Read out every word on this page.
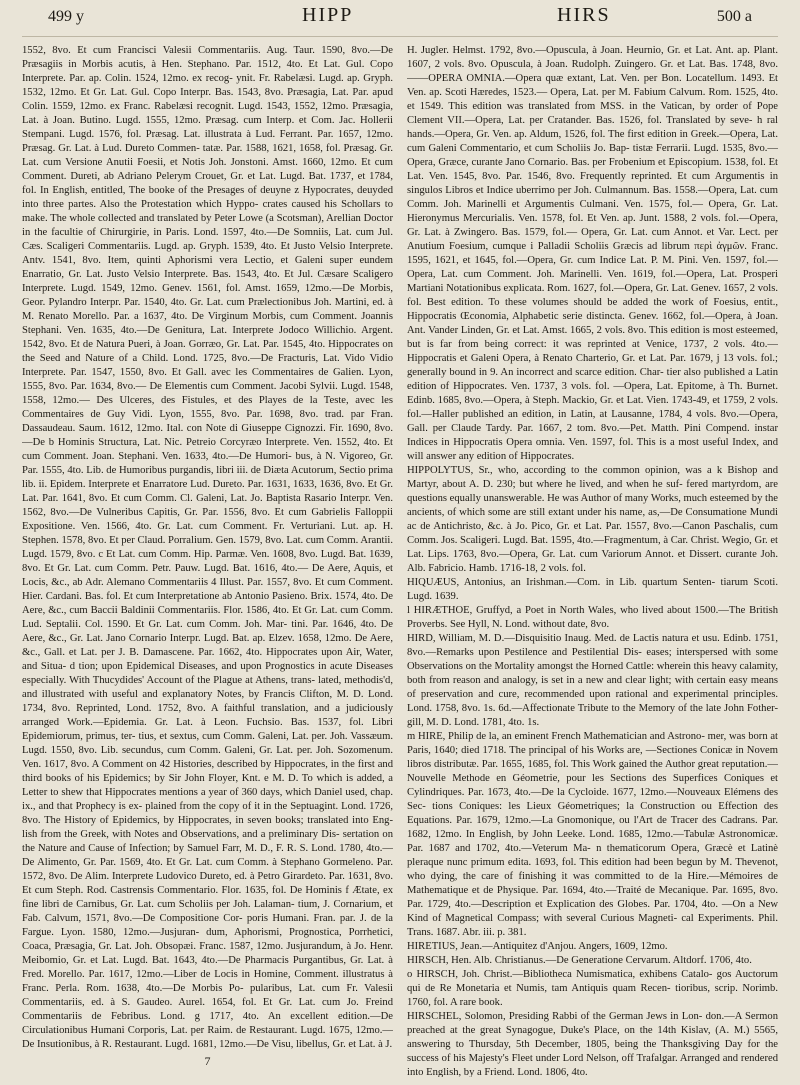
499 y	HIPP	HIRS	500 a

1552, 8vo. Et cum Francisci Valesii Commentariis. Aug. Taur. 1590, 8vo.—De Præsagiis in Morbis acutis, à Hen. Stephano. Par. 1512, 4to. Et Lat. Gul. Copo Interprete. Par. ap. Colin. 1524, 12mo. ex recog- ynit. Fr. Rabelæsi. Lugd. ap. Gryph. 1532, 12mo. Et Gr. Lat. Gul. Copo Interpr. Bas. 1543, 8vo. Præsagia, Lat. Par. apud Colin. 1559, 12mo. ex Franc. Rabelæsi recognit. Lugd. 1543, 1552, 12mo. Præsagia, Lat. à Joan. Butino. Lugd. 1555, 12mo. Præsag. cum Interp. et Com. Jac. Hollerii Stempani. Lugd. 1576, fol. Præsag. Lat. illustrata à Lud. Ferrant. Par. 1657, 12mo. Præsag. Gr. Lat. à Lud. Dureto Commen- tatæ. Par. 1588, 1621, 1658, fol. Præsag. Gr. Lat. cum Versione Anutii Foesii, et Notis Joh. Jonstoni. Amst. 1660, 12mo. Et cum Comment. Dureti, ab Adriano Pelerym Crouet, Gr. et Lat. Lugd. Bat. 1737, et 1784, fol. In English, entitled, The booke of the Presages of deuyne z Hypocrates, deuyded into three partes. Also the Protestation which Hyppo- crates caused his Schollars to make. The whole collected and translated by Peter Lowe (a Scotsman), Arellian Doctor in the facultie of Chirurgirie, in Paris. Lond. 1597, 4to.—De Somniis, Lat. cum Jul. Cæs. Scaligeri Commentariis. Lugd. ap. Gryph. 1539, 4to. Et Justo Velsio Interprete. Antv. 1541, 8vo. Item, quinti Aphorismi vera Lectio, et Galeni super eundem Enarratio, Gr. Lat. Justo Velsio Interprete. Bas. 1543, 4to. Et Jul. Cæsare Scaligero Interprete. Lugd. 1549, 12mo. Genev. 1561, fol. Amst. 1659, 12mo.—De Morbis, Geor. Pylandro Interpr. Par. 1540, 4to. Gr. Lat. cum Prælectionibus Joh. Martini, ed. à M. Renato Morello. Par. a 1637, 4to. De Virginum Morbis, cum Comment. Joannis Stephani. Ven. 1635, 4to.—De Genitura, Lat. Interprete Jodoco Willichio. Argent. 1542, 8vo. Et de Natura Pueri, à Joan. Gorræo, Gr. Lat. Par. 1545, 4to. Hippocrates on the Seed and Nature of a Child. Lond. 1725, 8vo.—De Fracturis, Lat. Vido Vidio Interprete. Par. 1547, 1550, 8vo. Et Gall. avec les Commentaires de Galien. Lyon, 1555, 8vo. Par. 1634, 8vo.— De Elementis cum Comment. Jacobi Sylvii. Lugd. 1548, 1558, 12mo.— Des Ulceres, des Fistules, et des Playes de la Teste, avec les Commentaires de Guy Vidi. Lyon, 1555, 8vo. Par. 1698, 8vo. trad. par Fran. Dassaudeau. Saum. 1612, 12mo. Ital. con Note di Giuseppe Cignozzi. Fir. 1690, 8vo.—De b Hominis Structura, Lat. Nic. Petreio Corcyræo Interprete. Ven. 1552, 4to. Et cum Comment. Joan. Stephani. Ven. 1633, 4to.—De Humori- bus, à N. Vigoreo, Gr. Par. 1555, 4to. Lib. de Humoribus purgandis, libri iii. de Diæta Acutorum, Sectio prima lib. ii. Epidem. Interprete et Enarratore Lud. Dureto. Par. 1631, 1633, 1636, 8vo. Et Gr. Lat. Par. 1641, 8vo. Et cum Comm. Cl. Galeni, Lat. Jo. Baptista Rasario Interpr. Ven. 1562, 8vo.—De Vulneribus Capitis, Gr. Par. 1556, 8vo. Et cum Gabrielis Falloppii Expositione. Ven. 1566, 4to. Gr. Lat. cum Comment. Fr. Verturiani. Lut. ap. H. Stephen. 1578, 8vo. Et per Claud. Porralium. Gen. 1579, 8vo. Lat. cum Comm. Arantii. Lugd. 1579, 8vo. c Et Lat. cum Comm. Hip. Parmæ. Ven. 1608, 8vo. Lugd. Bat. 1639, 8vo. Et Gr. Lat. cum Comm. Petr. Pauw. Lugd. Bat. 1616, 4to.— De Aere, Aquis, et Locis, &c., ab Adr. Alemano Commentariis 4 Illust. Par. 1557, 8vo. Et cum Comment. Hier. Cardani. Bas. fol. Et cum Interpretatione ab Antonio Pasieno. Brix. 1574, 4to. De Aere, &c., cum Baccii Baldinii Commentariis. Flor. 1586, 4to. Et Gr. Lat. cum Comm. Lud. Septalii. Col. 1590. Et Gr. Lat. cum Comm. Joh. Mar- tini. Par. 1646, 4to. De Aere, &c., Gr. Lat. Jano Cornario Interpr. Lugd. Bat. ap. Elzev. 1658, 12mo. De Aere, &c., Gall. et Lat. per J. B. Damascene. Par. 1662, 4to. Hippocrates upon Air, Water, and Situa- d tion; upon Epidemical Diseases, and upon Prognostics in acute Diseases especially. With Thucydides' Account of the Plague at Athens, trans- lated, methodis'd, and illustrated with useful and explanatory Notes, by Francis Clifton, M. D. Lond. 1734, 8vo. Reprinted, Lond. 1752, 8vo. A faithful translation, and a judiciously arranged Work.—Epidemia. Gr. Lat. à Leon. Fuchsio. Bas. 1537, fol. Libri Epidemiorum, primus, ter- tius, et sextus, cum Comm. Galeni, Lat. per. Joh. Vassæum. Lugd. 1550, 8vo. Lib. secundus, cum Comm. Galeni, Gr. Lat. per. Joh. Sozomenum. Ven. 1617, 8vo. A Comment on 42 Histories, described by Hippocrates, in the first and third books of his Epidemics; by Sir John Floyer, Knt. e M. D. To which is added, a Letter to shew that Hippocrates mentions a year of 360 days, which Daniel used, chap. ix., and that Prophecy is ex- plained from the copy of it in the Septuagint. Lond. 1726, 8vo. The History of Epidemics, by Hippocrates, in seven books; translated into Eng- lish from the Greek, with Notes and Observations, and a preliminary Dis- sertation on the Nature and Cause of Infection; by Samuel Farr, M. D., F. R. S. Lond. 1780, 4to.—De Alimento, Gr. Par. 1569, 4to. Et Gr. Lat. cum Comm. à Stephano Gormeleno. Par. 1572, 8vo. De Alim. Interprete Ludovico Dureto, ed. à Petro Girardeto. Par. 1631, 8vo. Et cum Steph. Rod. Castrensis Commentario. Flor. 1635, fol. De Hominis f Ætate, ex fine libri de Carnibus, Gr. Lat. cum Scholiis per Joh. Lalaman- tium, J. Cornarium, et Fab. Calvum, 1571, 8vo.—De Compositione Cor- poris Humani. Fran. par. J. de la Fargue. Lyon. 1580, 12mo.—Jusjuran- dum, Aphorismi, Prognostica, Porrhetici, Coaca, Præsagia, Gr. Lat. Joh. Obsopæi. Franc. 1587, 12mo. Jusjurandum, à Jo. Henr. Meibomio, Gr. et Lat. Lugd. Bat. 1643, 4to.—De Pharmacis Purgantibus, Gr. Lat. à Fred. Morello. Par. 1617, 12mo.—Liber de Locis in Homine, Comment. illustratus à Franc. Perla. Rom. 1638, 4to.—De Morbis Po- pularibus, Lat. cum Fr. Valesii Commentariis, ed. à S. Gaudeo. Aurel. 1654, fol. Et Gr. Lat. cum Jo. Freind Commentariis de Febribus. Lond. g 1717, 4to. An excellent edition.—De Circulationibus Humani Corporis, Lat. per Raim. de Restaurant. Lugd. 1675, 12mo.—De Insutionibus, à R. Restaurant. Lugd. 1681, 12mo.—De Visu, libellus, Gr. et Lat. à J.

7

H. Jugler. Helmst. 1792, 8vo.—Opuscula, à Joan. Heurnio, Gr. et Lat. Ant. ap. Plant. 1607, 2 vols. 8vo. Opuscula, à Joan. Rudolph. Zuingero. Gr. et Lat. Bas. 1748, 8vo.——OPERA OMNIA.—Opera quæ extant, Lat. Ven. per Bon. Locatellum. 1493. Et Ven. ap. Scoti Hæredes, 1523.— Opera, Lat. per M. Fabium Calvum. Rom. 1525, 4to. et 1549. This edition was translated from MSS. in the Vatican, by order of Pope Clement VII.—Opera, Lat. per Cratander. Bas. 1526, fol. Translated by seve- h ral hands.—Opera, Gr. Ven. ap. Aldum, 1526, fol. The first edition in Greek.—Opera, Lat. cum Galeni Commentario, et cum Scholiis Jo. Bap- tistæ Ferrarii. Lugd. 1535, 8vo.—Opera, Græce, curante Jano Cornario. Bas. per Frobenium et Episcopium. 1538, fol. Et Lat. Ven. 1545, 8vo. Par. 1546, 8vo. Frequently reprinted. Et cum Argumentis in singulos Libros et Indice uberrimo per Joh. Culmannum. Bas. 1558.—Opera, Lat. cum Comm. Joh. Marinelli et Argumentis Culmani. Ven. 1575, fol.— Opera, Gr. Lat. Hieronymus Mercurialis. Ven. 1578, fol. Et Ven. ap. Junt. 1588, 2 vols. fol.—Opera, Gr. Lat. à Zwingero. Bas. 1579, fol.— Opera, Gr. Lat. cum Annot. et Var. Lect. per Anutium Foesium, cumque i Palladii Scholiis Græcis ad librum περὶ ἀγμῶν. Franc. 1595, 1621, et 1645, fol.—Opera, Gr. cum Indice Lat. P. M. Pini. Ven. 1597, fol.— Opera, Lat. cum Comment. Joh. Marinelli. Ven. 1619, fol.—Opera, Lat. Prosperi Martiani Notationibus explicata. Rom. 1627, fol.—Opera, Gr. Lat. Genev. 1657, 2 vols. fol. Best edition. To these volumes should be added the work of Foesius, entit., Hippocratis Œconomia, Alphabetic serie distincta. Genev. 1662, fol.—Opera, à Joan. Ant. Vander Linden, Gr. et Lat. Amst. 1665, 2 vols. 8vo. This edition is most esteemed, but is far from being correct: it was reprinted at Venice, 1737, 2 vols. 4to.— Hippocratis et Galeni Opera, à Renato Charterio, Gr. et Lat. Par. 1679, j 13 vols. fol.; generally bound in 9. An incorrect and scarce edition. Char- tier also published a Latin edition of Hippocrates. Ven. 1737, 3 vols. fol. —Opera, Lat. Epitome, à Th. Burnet. Edinb. 1685, 8vo.—Opera, à Steph. Mackio, Gr. et Lat. Vien. 1743-49, et 1759, 2 vols. fol.—Haller published an edition, in Latin, at Lausanne, 1784, 4 vols. 8vo.—Opera, Gall. per Claude Tardy. Par. 1667, 2 tom. 8vo.—Pet. Matth. Pini Compend. instar Indices in Hippocratis Opera omnia. Ven. 1597, fol. This is a most useful Index, and will answer any edition of Hippocrates.

HIPPOLYTUS, Sr., who, according to the common opinion, was a k Bishop and Martyr, about A. D. 230; but where he lived, and when he suf- fered martyrdom, are questions equally unanswerable. He was Author of many Works, much esteemed by the ancients, of which some are still extant under his name, as,—De Consumatione Mundi ac de Antichristo, &c. à Jo. Pico, Gr. et Lat. Par. 1557, 8vo.—Canon Paschalis, cum Comm. Jos. Scaligeri. Lugd. Bat. 1595, 4to.—Fragmentum, à Car. Christ. Wegio, Gr. et Lat. Lips. 1763, 8vo.—Opera, Gr. Lat. cum Variorum Annot. et Dissert. curante Joh. Alb. Fabricio. Hamb. 1716-18, 2 vols. fol.

HIQUÆUS, Antonius, an Irishman.—Com. in Lib. quartum Senten- tiarum Scoti. Lugd. 1639.

l HIRÆTHOE, Gruffyd, a Poet in North Wales, who lived about 1500.—The British Proverbs. See Hyll, N. Lond. without date, 8vo.

HIRD, William, M. D.—Disquisitio Inaug. Med. de Lactis natura et usu. Edinb. 1751, 8vo.—Remarks upon Pestilence and Pestilential Dis- eases; interspersed with some Observations on the Mortality amongst the Horned Cattle: wherein this heavy calamity, both from reason and analogy, is set in a new and clear light; with certain easy means of preservation and cure, recommended upon rational and experimental principles. Lond. 1758, 8vo. 1s. 6d.—Affectionate Tribute to the Memory of the late John Fother- gill, M. D. Lond. 1781, 4to. 1s.

m HIRE, Philip de la, an eminent French Mathematician and Astrono- mer, was born at Paris, 1640; died 1718. The principal of his Works are, —Sectiones Conicæ in Novem libros distributæ. Par. 1655, 1685, fol. This Work gained the Author great reputation.—Nouvelle Methode en Géometrie, pour les Sections des Superfices Coniques et Cylindriques. Par. 1673, 4to.—De la Cycloide. 1677, 12mo.—Nouveaux Elémens des Sec- tions Coniques: les Lieux Géometriques; la Construction ou Effection des Equations. Par. 1679, 12mo.—La Gnomonique, ou l'Art de Tracer des Cadrans. Par. 1682, 12mo. In English, by John Leeke. Lond. 1685, 12mo.—Tabulæ Astronomicæ. Par. 1687 and 1702, 4to.—Veterum Ma- n thematicorum Opera, Græcè et Latinè pleraque nunc primum edita. 1693, fol. This edition had been begun by M. Thevenot, who dying, the care of finishing it was committed to de la Hire.—Mémoires de Mathematique et de Physique. Par. 1694, 4to.—Traité de Mecanique. Par. 1695, 8vo. Par. 1729, 4to.—Description et Explication des Globes. Par. 1704, 4to. —On a New Kind of Magnetical Compass; with several Curious Magneti- cal Experiments. Phil. Trans. 1687. Abr. iii. p. 381.

HIRETIUS, Jean.—Antiquitez d'Anjou. Angers, 1609, 12mo.

HIRSCH, Hen. Alb. Christianus.—De Generatione Cervarum. Altdorf. 1706, 4to.

o HIRSCH, Joh. Christ.—Bibliotheca Numismatica, exhibens Catalo- gos Auctorum qui de Re Monetaria et Numis, tam Antiquis quam Recen- tioribus, scrip. Norimb. 1760, fol. A rare book.

HIRSCHEL, Solomon, Presiding Rabbi of the German Jews in Lon- don.—A Sermon preached at the great Synagogue, Duke's Place, on the 14th Kislav, (A. M.) 5565, answering to Thursday, 5th December, 1805, being the Thanksgiving Day for the success of his Majesty's Fleet under Lord Nelson, off Trafalgar. Arranged and rendered into English, by a Friend. Lond. 1806, 4to.
